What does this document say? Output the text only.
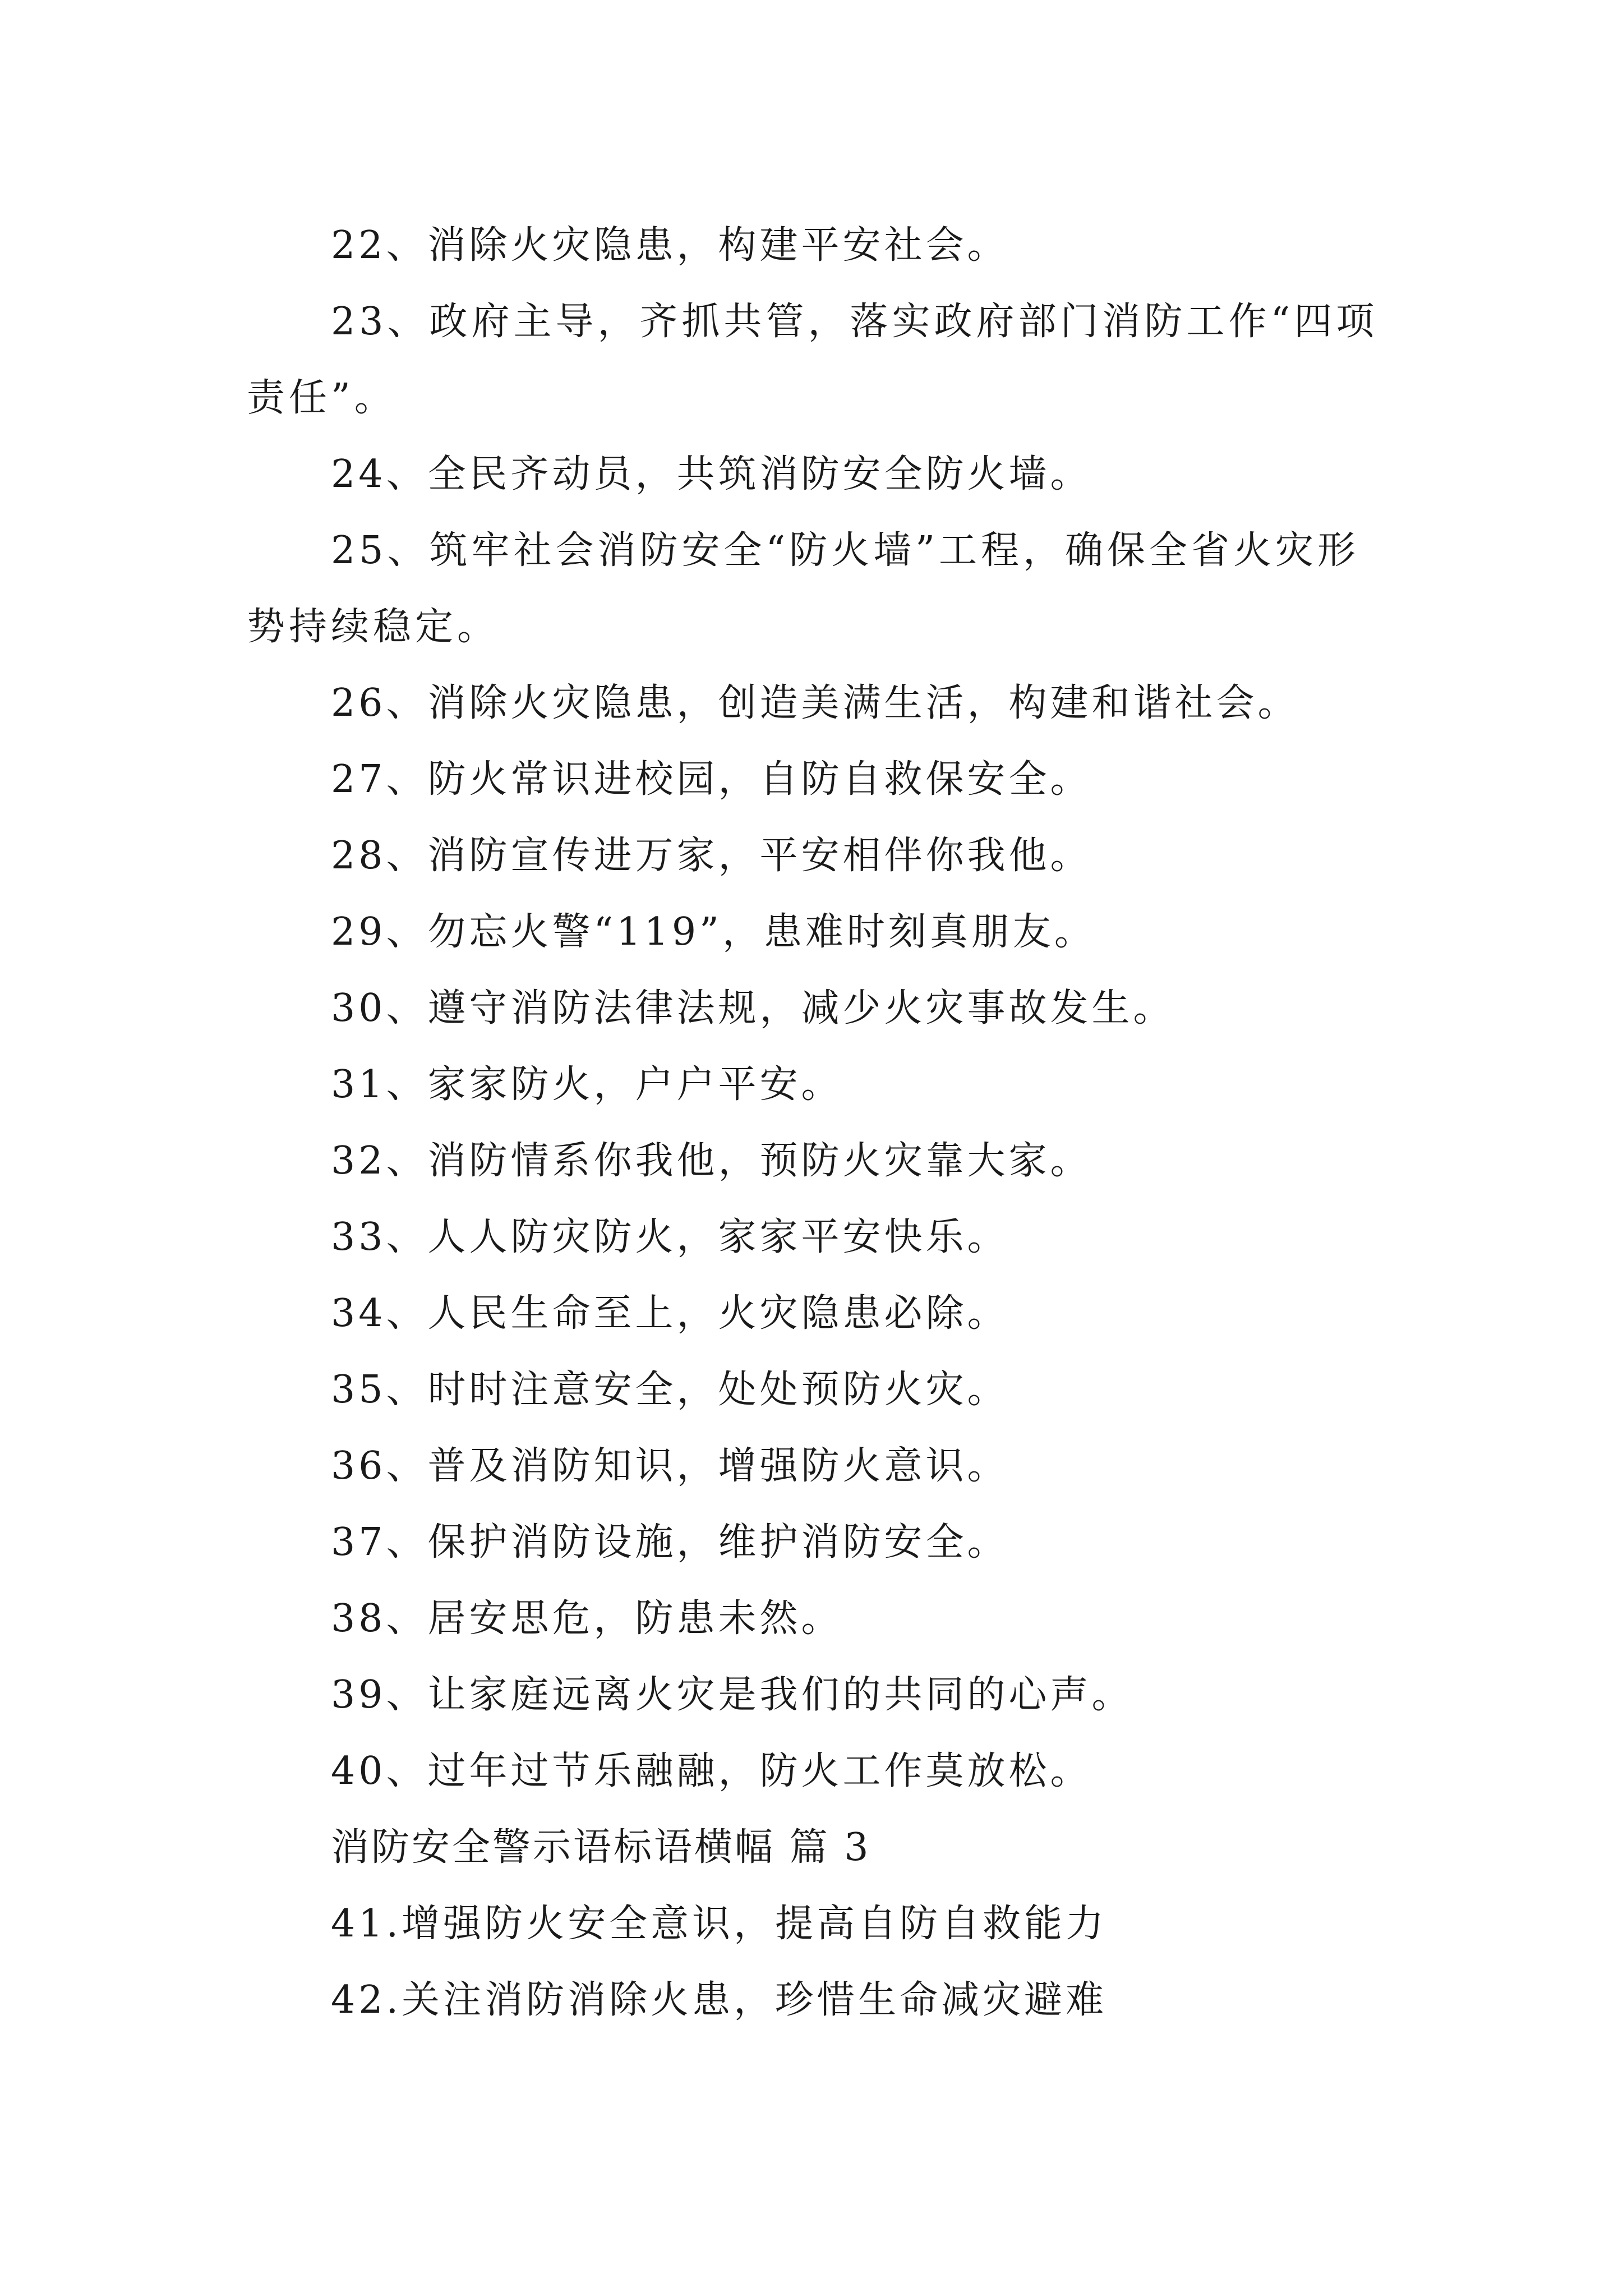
22、消除火灾隐患，构建平安社会。

23、政府主导，齐抓共管，落实政府部门消防工作“四项责任”。

24、全民齐动员，共筑消防安全防火墙。

25、筑牢社会消防安全“防火墙”工程，确保全省火灾形势持续稳定。

26、消除火灾隐患，创造美满生活，构建和谐社会。

27、防火常识进校园，自防自救保安全。

28、消防宣传进万家，平安相伴你我他。

29、勿忘火警“119”，患难时刻真朋友。

30、遵守消防法律法规，减少火灾事故发生。

31、家家防火，户户平安。

32、消防情系你我他，预防火灾靠大家。

33、人人防灾防火，家家平安快乐。

34、人民生命至上，火灾隐患必除。

35、时时注意安全，处处预防火灾。

36、普及消防知识，增强防火意识。

37、保护消防设施，维护消防安全。

38、居安思危，防患未然。

39、让家庭远离火灾是我们的共同的心声。

40、过年过节乐融融，防火工作莫放松。

消防安全警示语标语横幅 篇 3

41.增强防火安全意识，提高自防自救能力

42.关注消防消除火患，珍惜生命减灾避难
